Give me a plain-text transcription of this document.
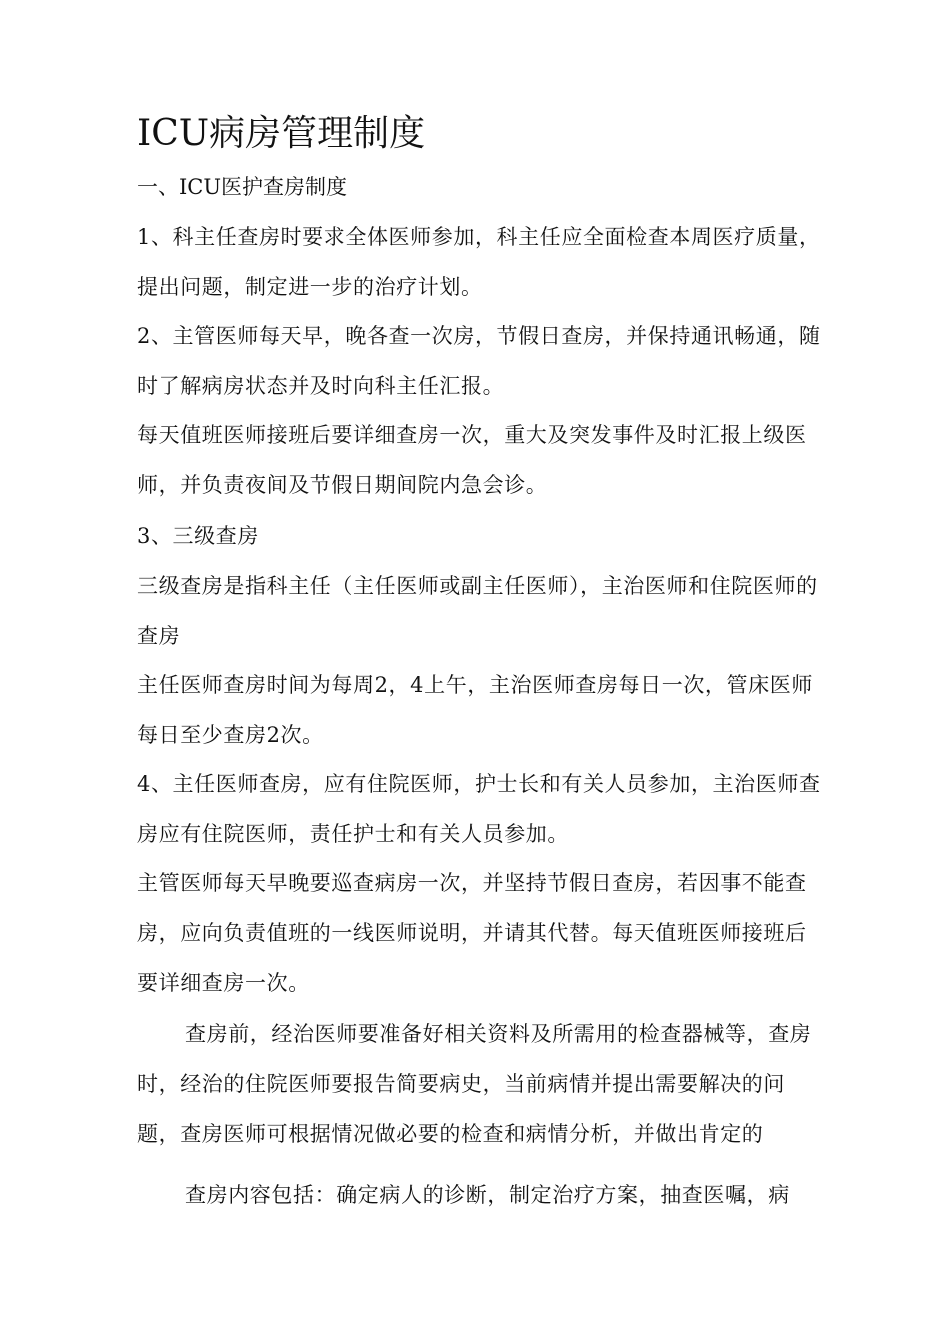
ICU病房管理制度

一、ICU医护查房制度

1、科主任查房时要求全体医师参加，科主任应全面检查本周医疗质量，提出问题，制定进一步的治疗计划。

2、主管医师每天早，晚各查一次房，节假日查房，并保持通讯畅通，随时了解病房状态并及时向科主任汇报。

每天值班医师接班后要详细查房一次，重大及突发事件及时汇报上级医师，并负责夜间及节假日期间院内急会诊。

3、三级查房

三级查房是指科主任（主任医师或副主任医师），主治医师和住院医师的查房

主任医师查房时间为每周2，4上午，主治医师查房每日一次，管床医师每日至少查房2次。

4、主任医师查房，应有住院医师，护士长和有关人员参加，主治医师查房应有住院医师，责任护士和有关人员参加。

主管医师每天早晚要巡查病房一次，并坚持节假日查房，若因事不能查房，应向负责值班的一线医师说明，并请其代替。每天值班医师接班后要详细查房一次。

查房前，经治医师要准备好相关资料及所需用的检查器械等，查房时，经治的住院医师要报告简要病史，当前病情并提出需要解决的问题，查房医师可根据情况做必要的检查和病情分析，并做出肯定的

查房内容包括：确定病人的诊断，制定治疗方案，抽查医嘱，病
